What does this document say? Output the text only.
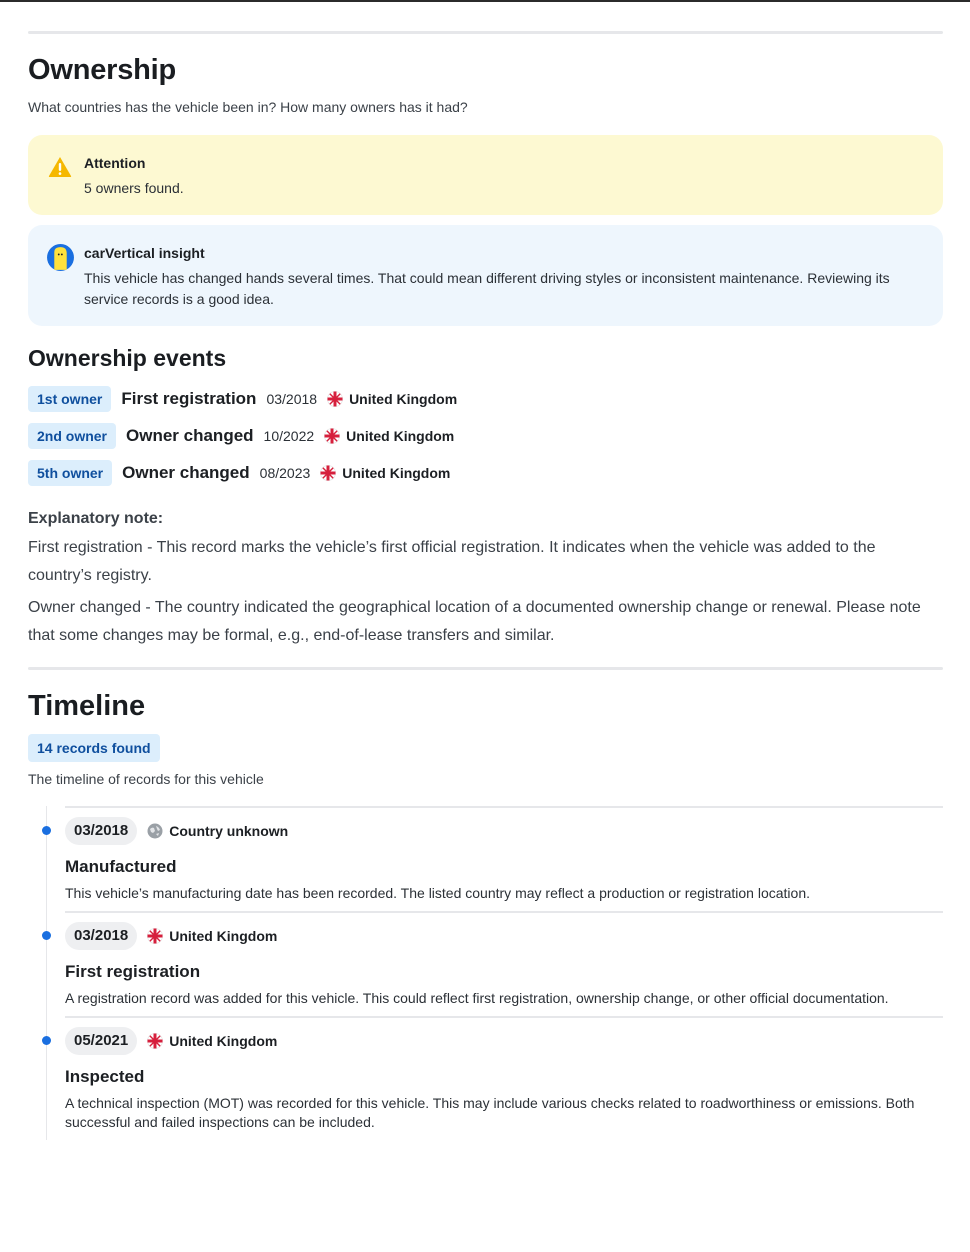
Ownership

What countries has the vehicle been in? How many owners has it had?

Attention
5 owners found.
carVertical insight
This vehicle has changed hands several times. That could mean different driving styles or inconsistent maintenance. Reviewing its service records is a good idea.
Ownership events
1st owner	First registration 03/2018 United Kingdom
2nd owner	Owner changed 10/2022 United Kingdom
5th owner	Owner changed 08/2023 United Kingdom
Explanatory note:

First registration - This record marks the vehicle’s first official registration. It indicates when the vehicle was added to the country’s registry.

Owner changed - The country indicated the geographical location of a documented ownership change or renewal. Please note that some changes may be formal, e.g., end-of-lease transfers and similar.

Timeline
14 records found

The timeline of records for this vehicle

03/2018	Country unknown
Manufactured
This vehicle’s manufacturing date has been recorded. The listed country may reflect a production or registration location.
03/2018	United Kingdom
First registration
A registration record was added for this vehicle. This could reflect first registration, ownership change, or other official documentation.
05/2021	United Kingdom
Inspected
A technical inspection (MOT) was recorded for this vehicle. This may include various checks related to roadworthiness or emissions. Both successful and failed inspections can be included.
